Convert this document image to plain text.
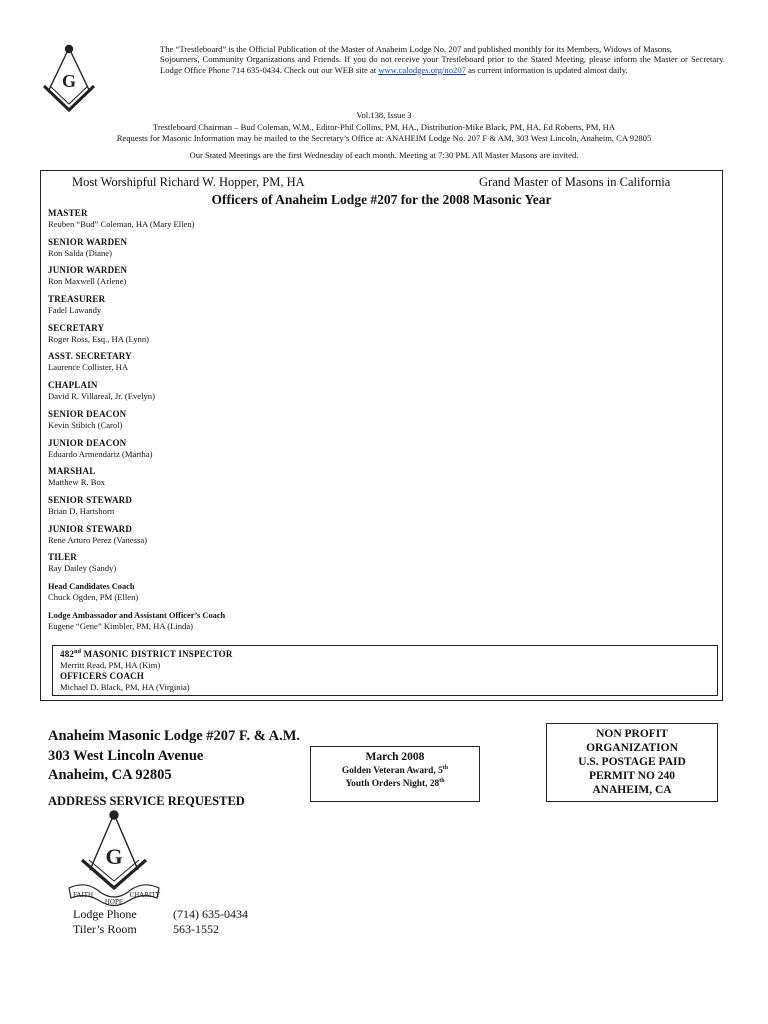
G

The “Trestleboard” is the Official Publication of the Master of Anaheim Lodge No. 207 and published monthly for its Members, Widows of Masons,

Sojourners, Community Organizations and Friends. If you do not receive your Trestleboard prior to the Stated Meeting, please inform the Master or Secretary. Lodge Office Phone 714 635-0434. Check out our WEB site at www.calodges.org/no207 as current information is updated almost daily.

Vol.138, Issue 3
Trestleboard Chairman – Bud Coleman, W.M., Editor-Phil Collins, PM, HA., Distribution-Mike Black, PM, HA, Ed Roberts, PM, HA
Requests for Masonic Information may be mailed to the Secretary’s Office at: ANAHEIM Lodge No. 207 F & AM, 303 West Lincoln, Anaheim, CA 92805
Our Stated Meetings are the first Wednesday of each month. Meeting at 7:30 PM. All Master Masons are invited.
Most Worshipful Richard W. Hopper, PM, HA	Grand Master of Masons in California
Officers of Anaheim Lodge #207 for the 2008 Masonic Year
MASTER
Reuben “Bud” Coleman, HA (Mary Ellen)
SENIOR WARDEN
Ron Salda (Diane)
JUNIOR WARDEN
Ron Maxwell (Arlene)
TREASURER
Fadel Lawandy
SECRETARY
Roger Ross, Esq., HA (Lynn)
ASST. SECRETARY
Laurence Collister, HA
CHAPLAIN
David R. Villareal, Jr. (Evelyn)
SENIOR DEACON
Kevin Stibich (Carol)
JUNIOR DEACON
Eduardo Armendariz (Martha)
MARSHAL
Matthew R. Box
SENIOR STEWARD
Brian D. Hartshorn
JUNIOR STEWARD
Rene Arturo Perez (Vanessa)
TILER
Ray Dailey (Sandy)
Head Candidates Coach
Chuck Ogden, PM (Ellen)
Lodge Ambassador and Assistant Officer’s Coach
Eugene “Gene” Kimbler, PM, HA (Linda)
482nd MASONIC DISTRICT INSPECTOR
Merritt Read, PM, HA (Kim)
OFFICERS COACH
Michael D. Black, PM, HA (Virginia)
Anaheim Masonic Lodge #207 F. & A.M.
303 West Lincoln Avenue
Anaheim, CA 92805
ADDRESS SERVICE REQUESTED
March 2008
Golden Veteran Award, 5th
Youth Orders Night, 28th
NON PROFIT
ORGANIZATION
U.S. POSTAGE PAID
PERMIT NO 240
ANAHEIM, CA
G
FAITH
HOPE
CHARITY
Lodge Phone	(714) 635-0434
Tiler’s Room	563-1552
